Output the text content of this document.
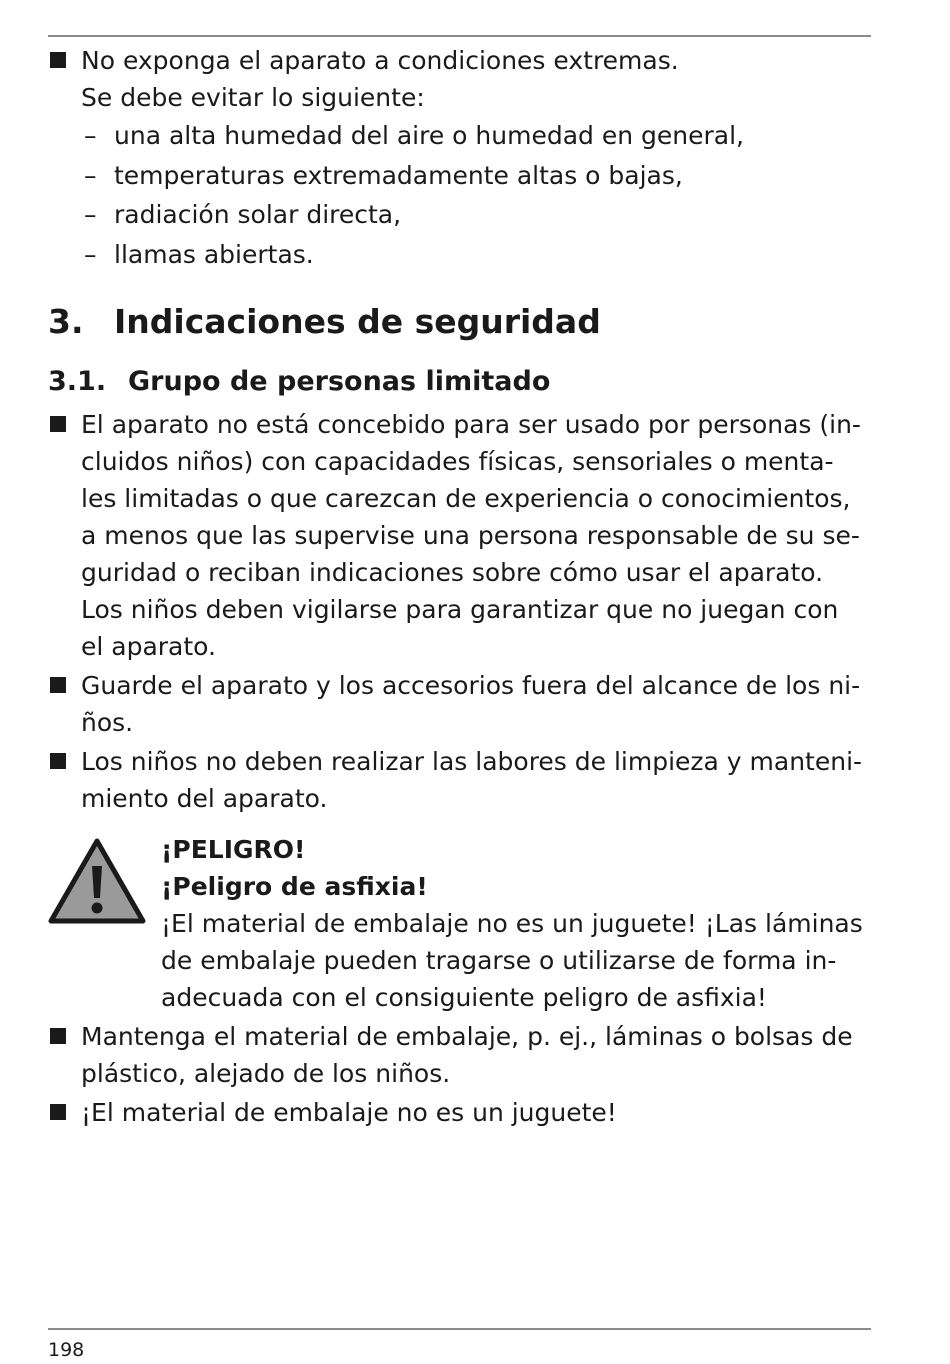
No exponga el aparato a condiciones extremas.
Se debe evitar lo siguiente:
– una alta humedad del aire o humedad en general,
– temperaturas extremadamente altas o bajas,
– radiación solar directa,
– llamas abiertas.
3. Indicaciones de seguridad
3.1. Grupo de personas limitado
El aparato no está concebido para ser usado por personas (in-
cluidos niños) con capacidades físicas, sensoriales o menta-
les limitadas o que carezcan de experiencia o conocimientos,
a menos que las supervise una persona responsable de su se-
guridad o reciban indicaciones sobre cómo usar el aparato.
Los niños deben vigilarse para garantizar que no juegan con
el aparato.
Guarde el aparato y los accesorios fuera del alcance de los ni-
ños.
Los niños no deben realizar las labores de limpieza y manteni-
miento del aparato.
¡PELIGRO!
¡Peligro de asfixia!
¡El material de embalaje no es un juguete! ¡Las láminas
de embalaje pueden tragarse o utilizarse de forma in-
adecuada con el consiguiente peligro de asfixia!
Mantenga el material de embalaje, p. ej., láminas o bolsas de
plástico, alejado de los niños.
¡El material de embalaje no es un juguete!
198
